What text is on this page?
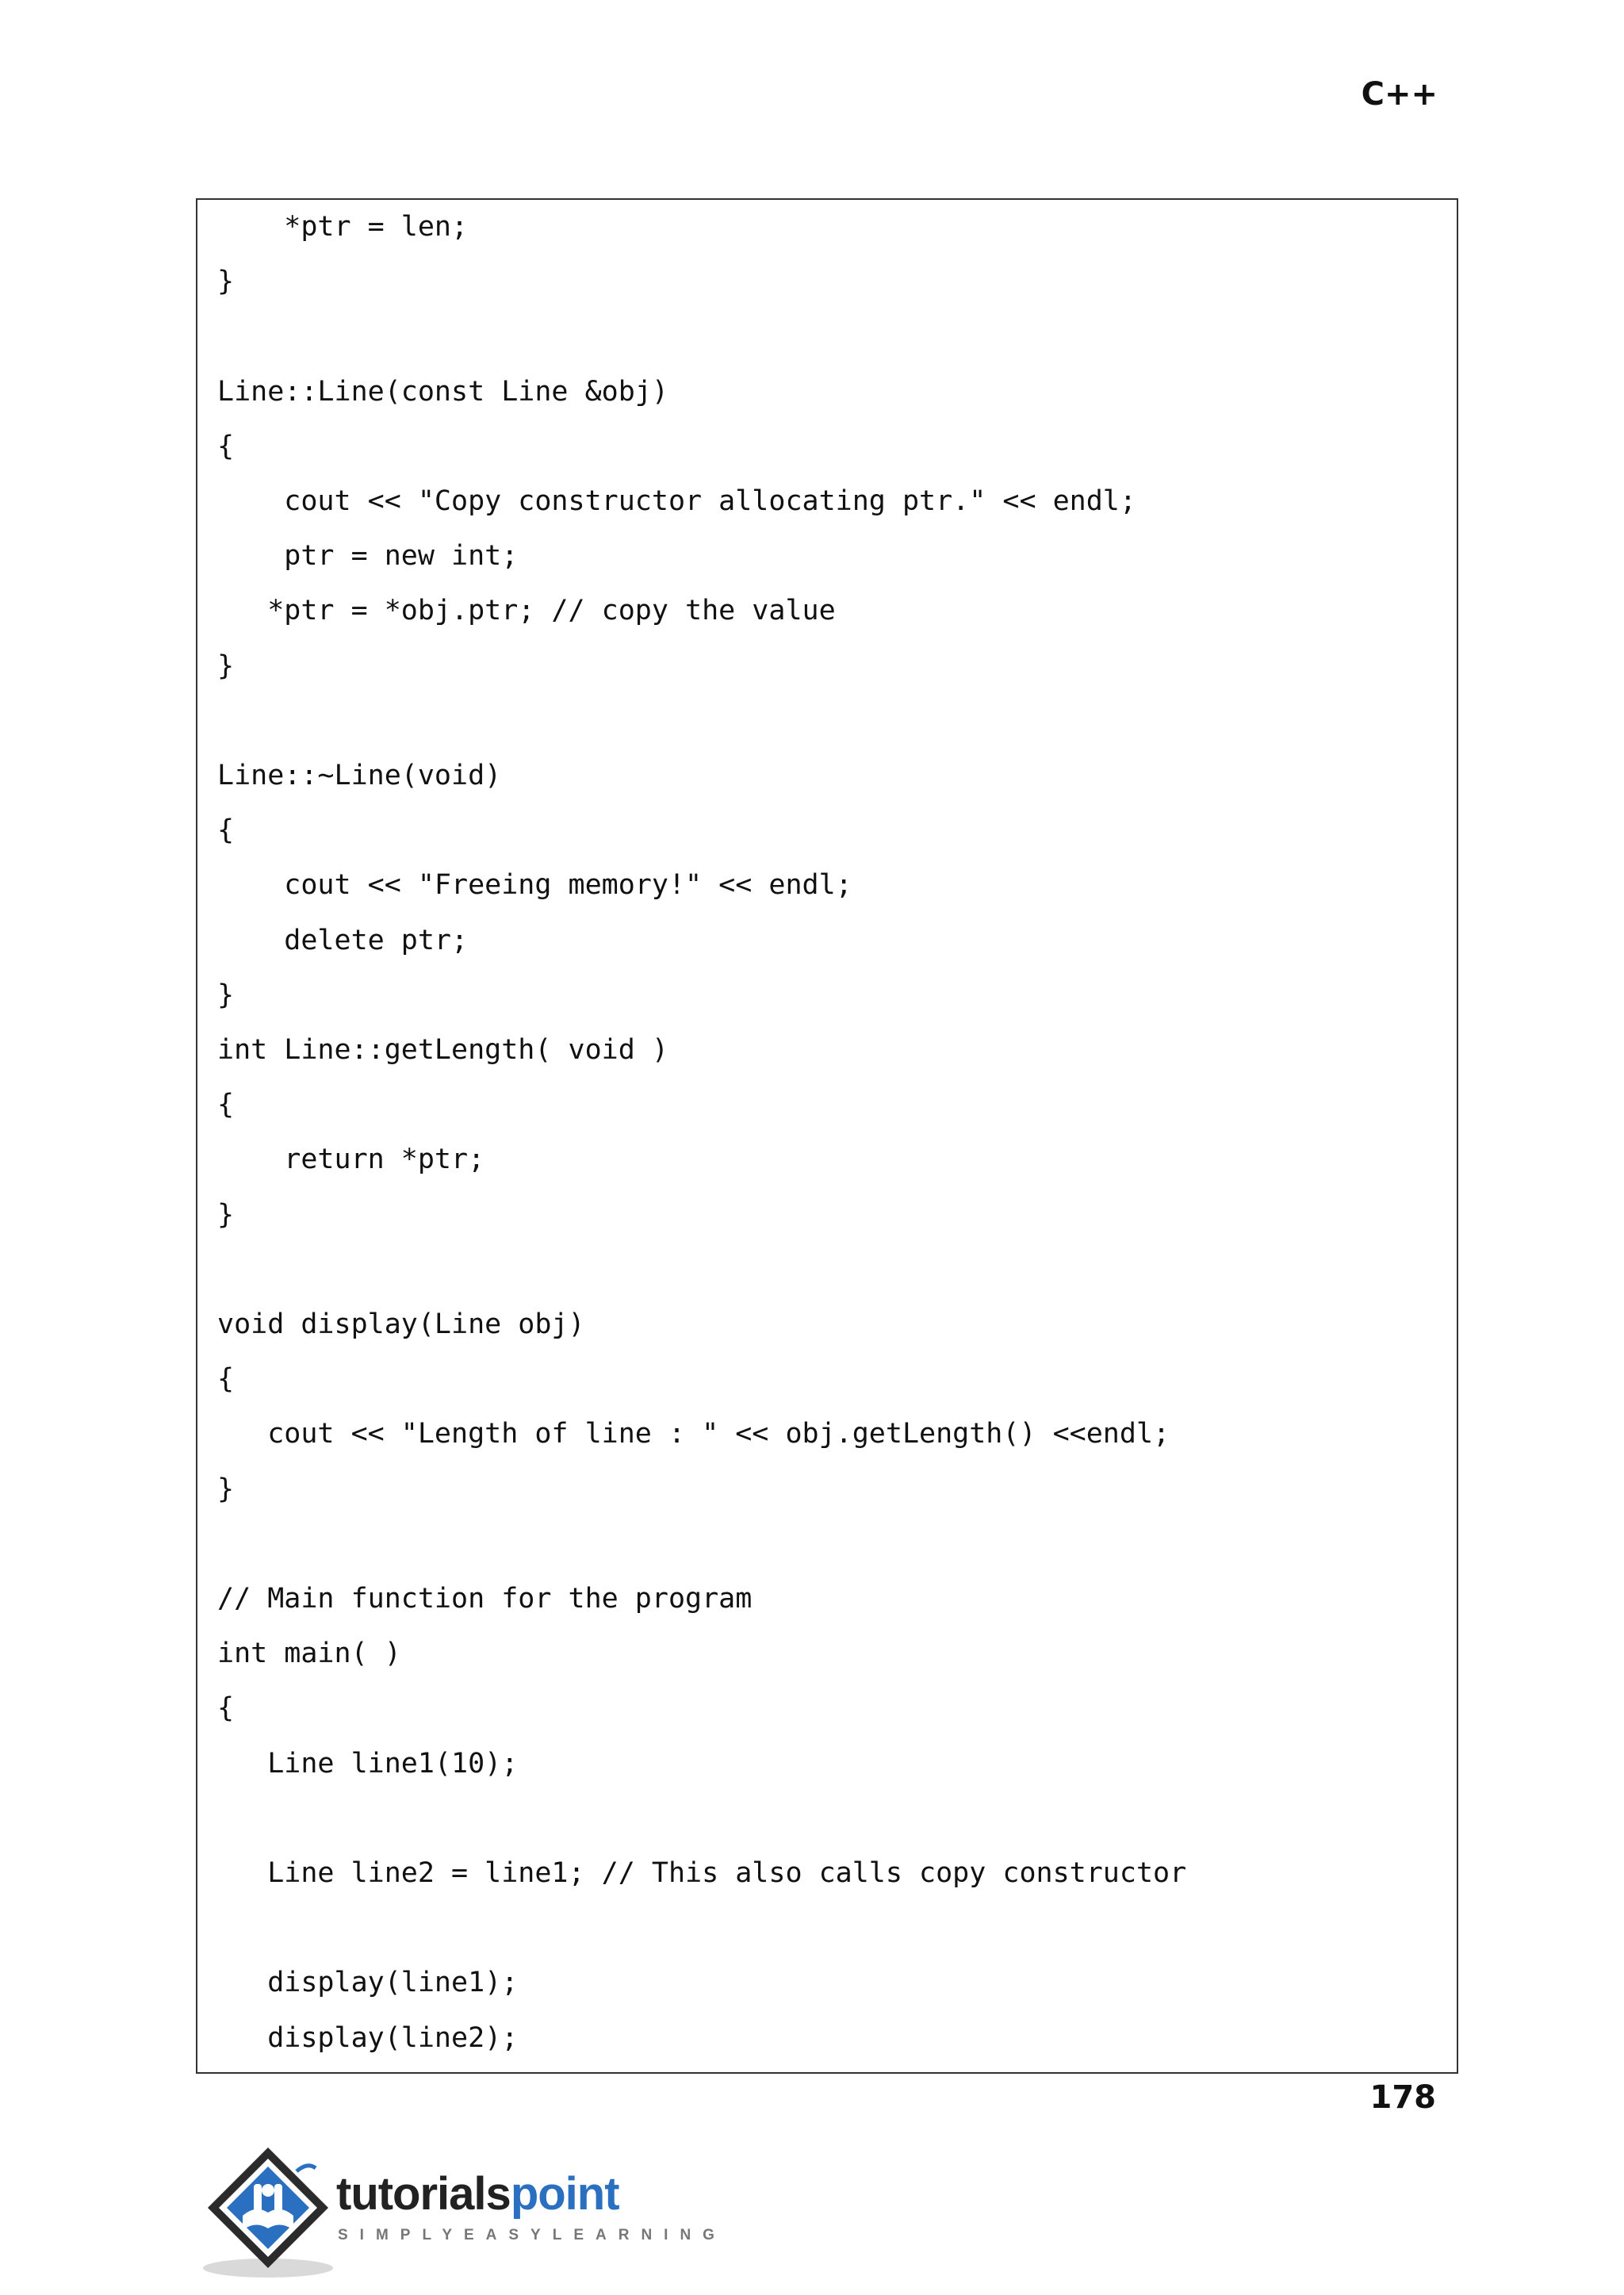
C++
*ptr = len;
}
Line::Line(const Line &obj)
{
cout << "Copy constructor allocating ptr." << endl;
ptr = new int;
*ptr = *obj.ptr; // copy the value
}
Line::~Line(void)
{
cout << "Freeing memory!" << endl;
delete ptr;
}
int Line::getLength( void )
{
return *ptr;
}
void display(Line obj)
{
cout << "Length of line : " << obj.getLength() <<endl;
}
// Main function for the program
int main( )
{
Line line1(10);
Line line2 = line1; // This also calls copy constructor
display(line1);
display(line2);
178
tutorialspoint
SIMPLYEASYLEARNING
